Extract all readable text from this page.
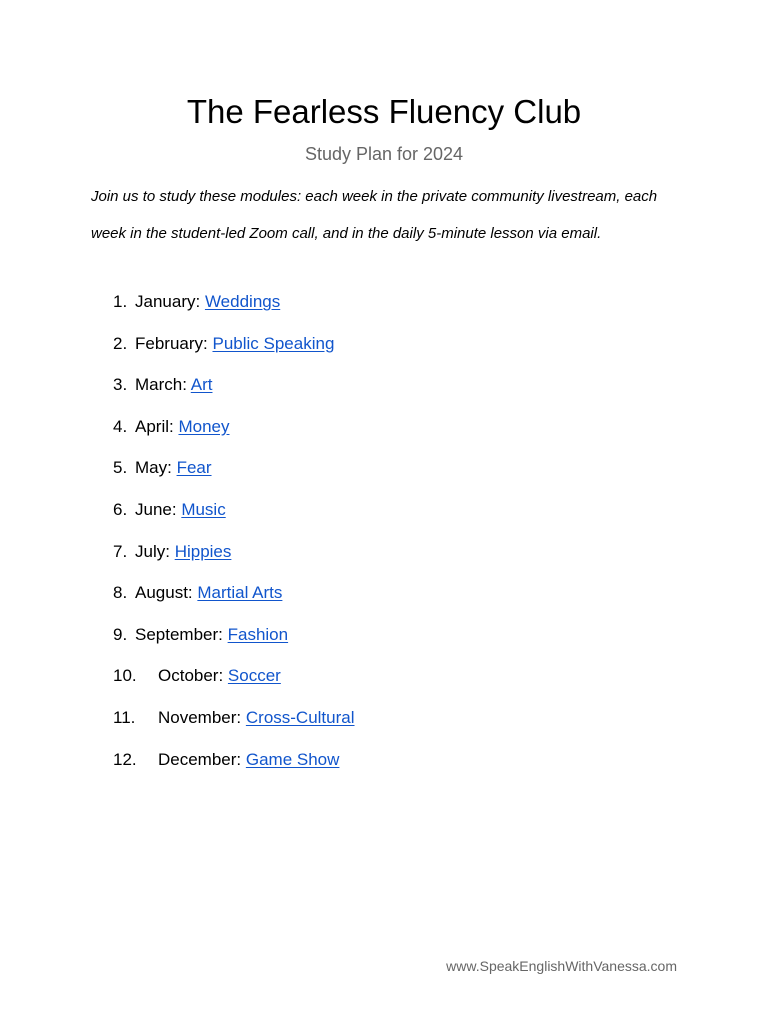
The Fearless Fluency Club
Study Plan for 2024
Join us to study these modules: each week in the private community livestream, each
week in the student-led Zoom call, and in the daily 5-minute lesson via email.
1. January: Weddings
2. February: Public Speaking
3. March: Art
4. April: Money
5. May: Fear
6. June: Music
7. July: Hippies
8. August: Martial Arts
9. September: Fashion
10. October: Soccer
11. November: Cross-Cultural
12. December: Game Show
www.SpeakEnglishWithVanessa.com
